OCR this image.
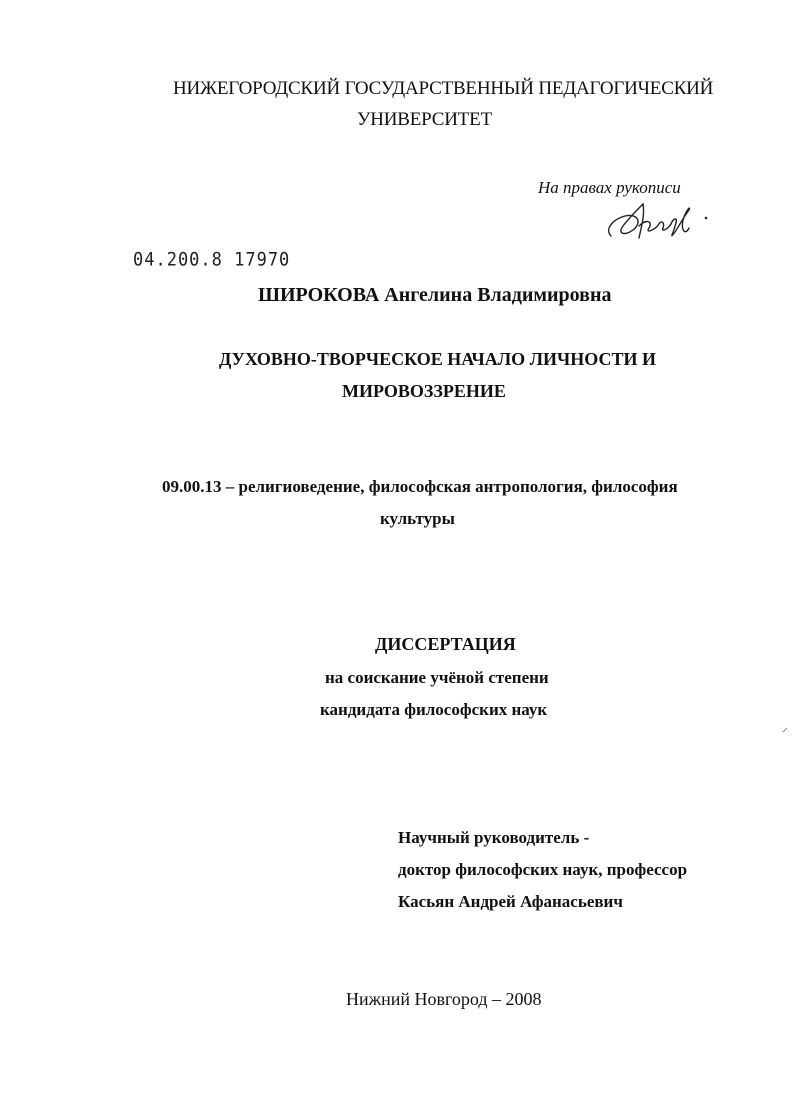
НИЖЕГОРОДСКИЙ ГОСУДАРСТВЕННЫЙ ПЕДАГОГИЧЕСКИЙ
УНИВЕРСИТЕТ
На правах рукописи
04.200.8 17970
ШИРОКОВА Ангелина Владимировна
ДУХОВНО-ТВОРЧЕСКОЕ НАЧАЛО ЛИЧНОСТИ И
МИРОВОЗЗРЕНИЕ
09.00.13 – религиоведение, философская антропология, философия
культуры
ДИССЕРТАЦИЯ
на соискание учёной степени
кандидата философских наук
Научный руководитель -
доктор философских наук, профессор
Касьян Андрей Афанасьевич
Нижний Новгород – 2008
